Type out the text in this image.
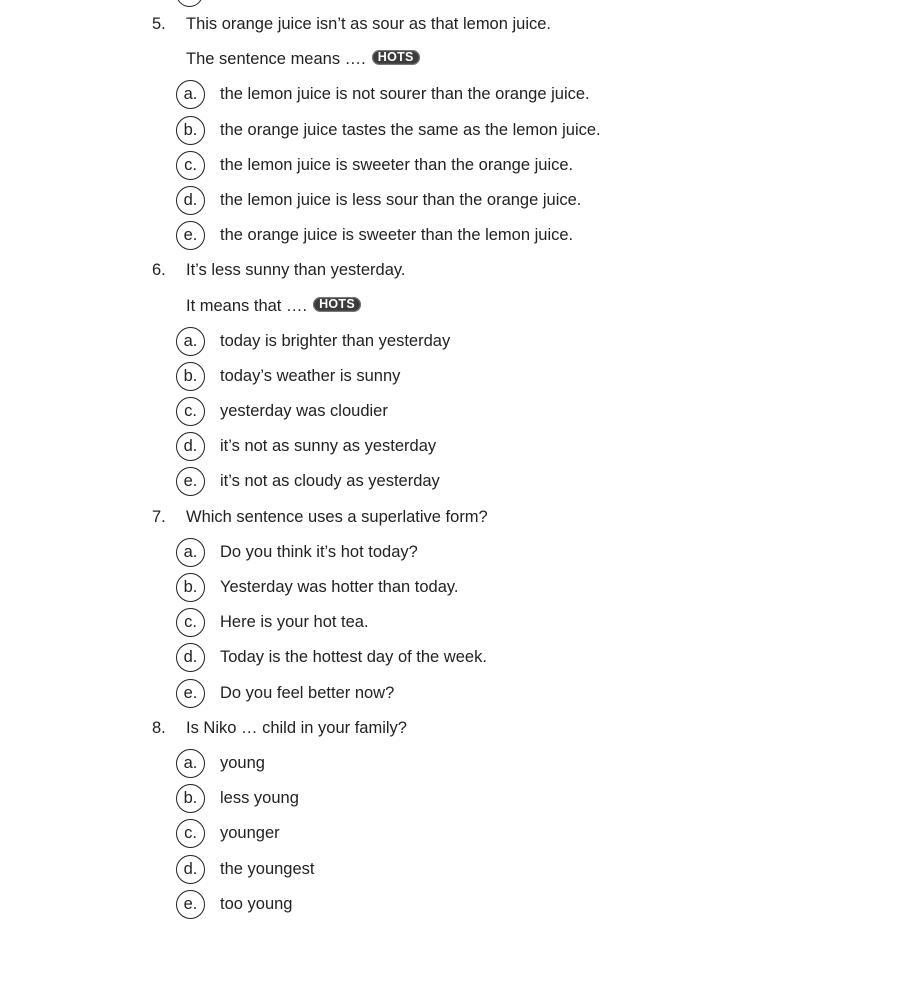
5. This orange juice isn’t as sour as that lemon juice.
The sentence means …. HOTS
a.	the lemon juice is not sourer than the orange juice.
b.	the orange juice tastes the same as the lemon juice.
c.	the lemon juice is sweeter than the orange juice.
d.	the lemon juice is less sour than the orange juice.
e.	the orange juice is sweeter than the lemon juice.
6. It’s less sunny than yesterday.
It means that …. HOTS
a.	today is brighter than yesterday
b.	today’s weather is sunny
c.	yesterday was cloudier
d.	it’s not as sunny as yesterday
e.	it’s not as cloudy as yesterday
7. Which sentence uses a superlative form?
a.	Do you think it’s hot today?
b.	Yesterday was hotter than today.
c.	Here is your hot tea.
d.	Today is the hottest day of the week.
e.	Do you feel better now?
8. Is Niko … child in your family?
a.	young
b.	less young
c.	younger
d.	the youngest
e.	too young
